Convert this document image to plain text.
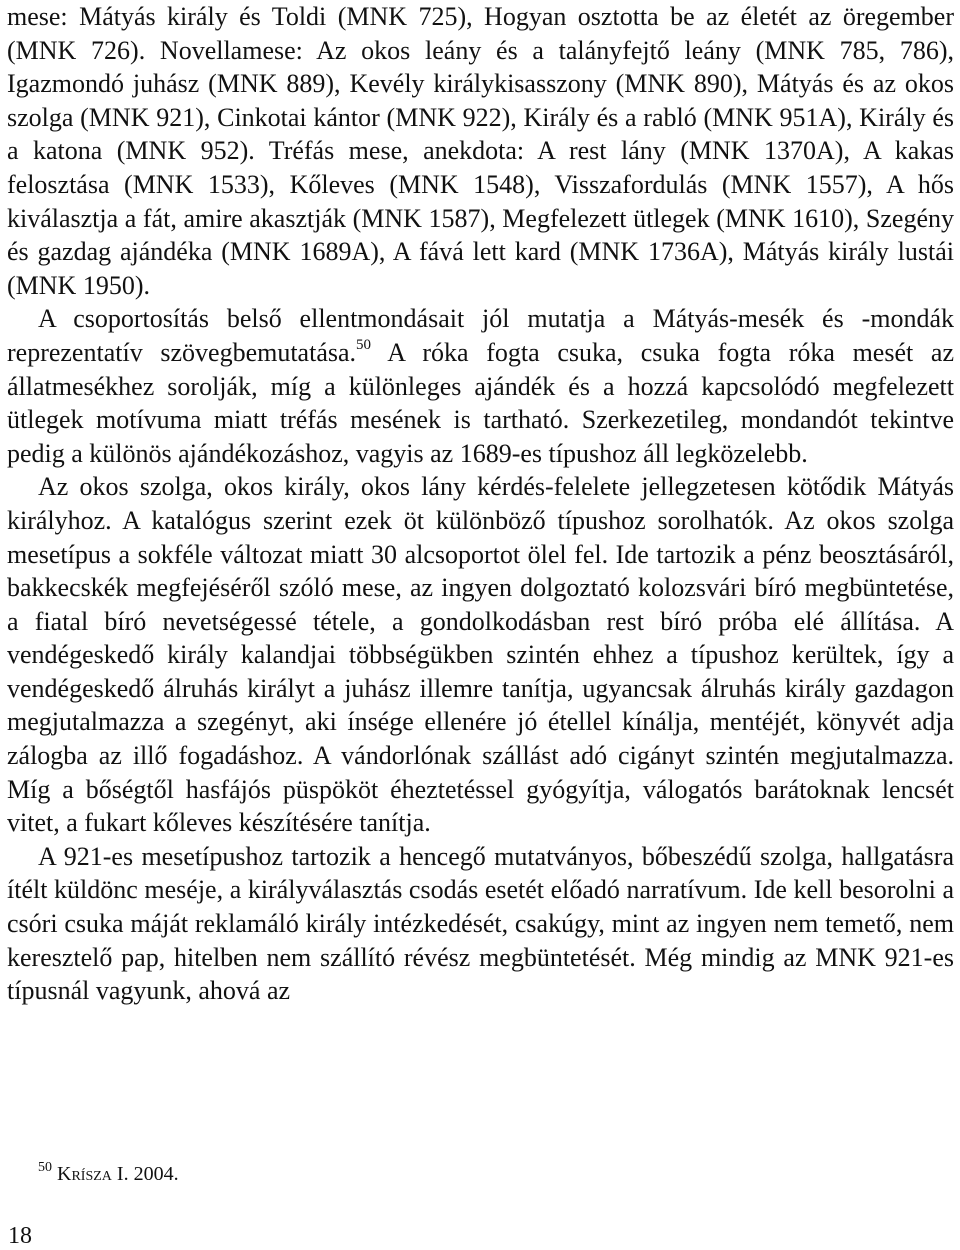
mese: Mátyás király és Toldi (MNK 725), Hogyan osztotta be az életét az öregember (MNK 726). Novellamese: Az okos leány és a talányfejtő leány (MNK 785, 786), Igazmondó juhász (MNK 889), Kevély királykisasszony (MNK 890), Mátyás és az okos szolga (MNK 921), Cinkotai kántor (MNK 922), Király és a rabló (MNK 951A), Király és a katona (MNK 952). Tréfás mese, anekdota: A rest lány (MNK 1370A), A kakas felosztása (MNK 1533), Kőleves (MNK 1548), Visszafordulás (MNK 1557), A hős kiválasztja a fát, amire akasztják (MNK 1587), Megfelezett ütlegek (MNK 1610), Szegény és gazdag ajándéka (MNK 1689A), A fává lett kard (MNK 1736A), Mátyás király lustái (MNK 1950).

A csoportosítás belső ellentmondásait jól mutatja a Mátyás-mesék és -mondák reprezentatív szövegbemutatása.$^{50}$ A róka fogta csuka, csuka fogta róka mesét az állatmesékhez sorolják, míg a különleges ajándék és a hozzá kapcsolódó megfelezett ütlegek motívuma miatt tréfás mesének is tartható. Szerkezetileg, mondandót tekintve pedig a különös ajándékozáshoz, vagyis az 1689-es típushoz áll legközelebb.

Az okos szolga, okos király, okos lány kérdés-felelete jellegzetesen kötődik Mátyás királyhoz. A katalógus szerint ezek öt különböző típushoz sorolhatók. Az okos szolga mesetípus a sokféle változat miatt 30 alcsoportot ölel fel. Ide tartozik a pénz beosztásáról, bakkecskék megfejéséről szóló mese, az ingyen dolgoztató kolozsvári bíró megbüntetése, a fiatal bíró nevetségessé tétele, a gondolkodásban rest bíró próba elé állítása. A vendégeskedő király kalandjai többségükben szintén ehhez a típushoz kerültek, így a vendégeskedő álruhás királyt a juhász illemre tanítja, ugyancsak álruhás király gazdagon megjutalmazza a szegényt, aki ínsége ellenére jó étellel kínálja, mentéjét, könyvét adja zálogba az illő fogadáshoz. A vándorlónak szállást adó cigányt szintén megjutalmazza. Míg a bőségtől hasfájós püspököt éheztetéssel gyógyítja, válogatós barátoknak lencsét vitet, a fukart kőleves készítésére tanítja.

A 921-es mesetípushoz tartozik a hencegő mutatványos, bőbeszédű szolga, hallgatásra ítélt küldönc meséje, a királyválasztás csodás esetét előadó narratívum. Ide kell besorolni a csóri csuka máját reklamáló király intézkedését, csakúgy, mint az ingyen nem temető, nem keresztelő pap, hitelben nem szállító révész megbüntetését. Még mindig az MNK 921-es típusnál vagyunk, ahová az

$^{50}$ Krísza I. 2004.
18
